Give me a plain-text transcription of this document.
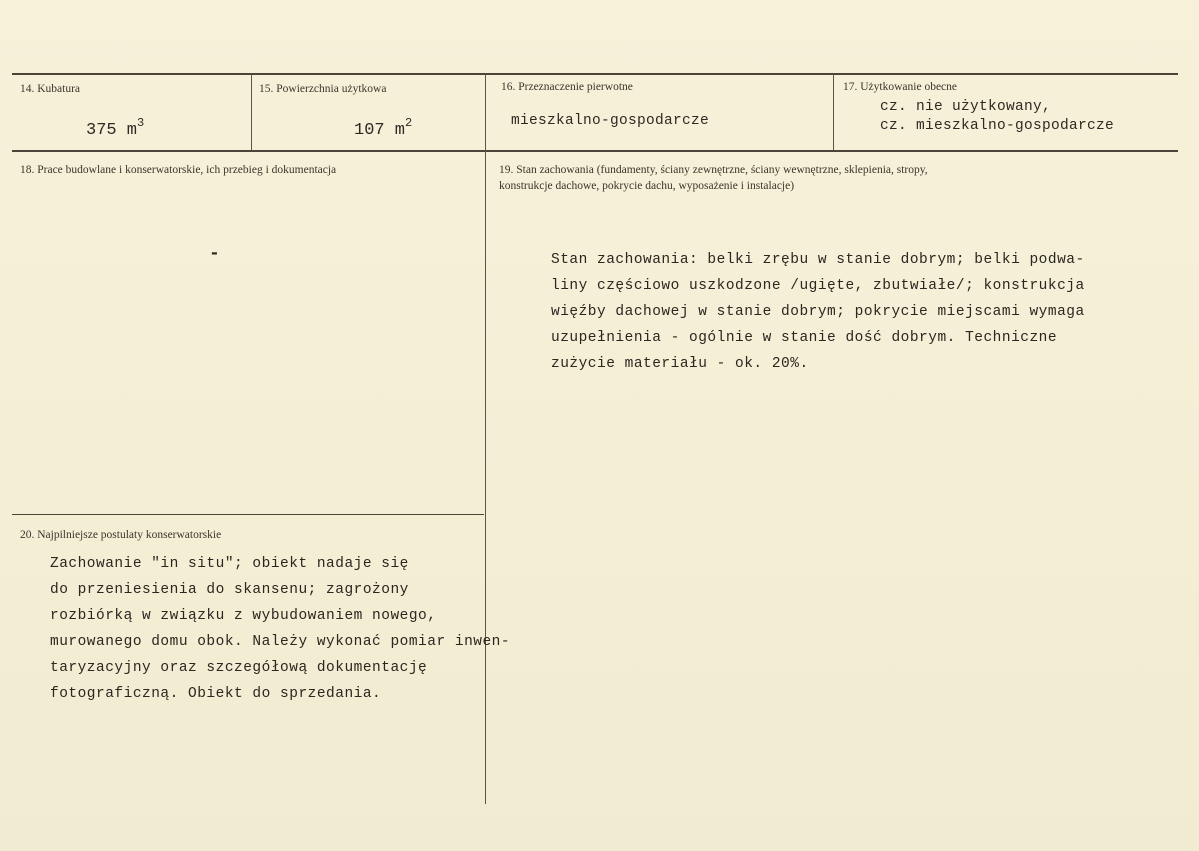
14. Kubatura
375 $m^3$
15. Powierzchnia użytkowa
107 $m^2$
16. Przeznaczenie pierwotne
mieszkalno-gospodarcze
17. Użytkowanie obecne
cz. nie użytkowany,
cz. mieszkalno-gospodarcze
18. Prace budowlane i konserwatorskie, ich przebieg i dokumentacja
-
19. Stan zachowania (fundamenty, ściany zewnętrzne, ściany wewnętrzne, sklepienia, stropy,
konstrukcje dachowe, pokrycie dachu, wyposażenie i instalacje)
Stan zachowania: belki zrębu w stanie dobrym; belki podwa-
liny częściowo uszkodzone /ugięte, zbutwiałe/; konstrukcja
więźby dachowej w stanie dobrym; pokrycie miejscami wymaga
uzupełnienia - ogólnie w stanie dość dobrym. Techniczne
zużycie materiału - ok. 20%.
20. Najpilniejsze postulaty konserwatorskie
Zachowanie "in situ"; obiekt nadaje się
do przeniesienia do skansenu; zagrożony
rozbiórką w związku z wybudowaniem nowego,
murowanego domu obok. Należy wykonać pomiar inwen-
taryzacyjny oraz szczegółową dokumentację
fotograficzną. Obiekt do sprzedania.
